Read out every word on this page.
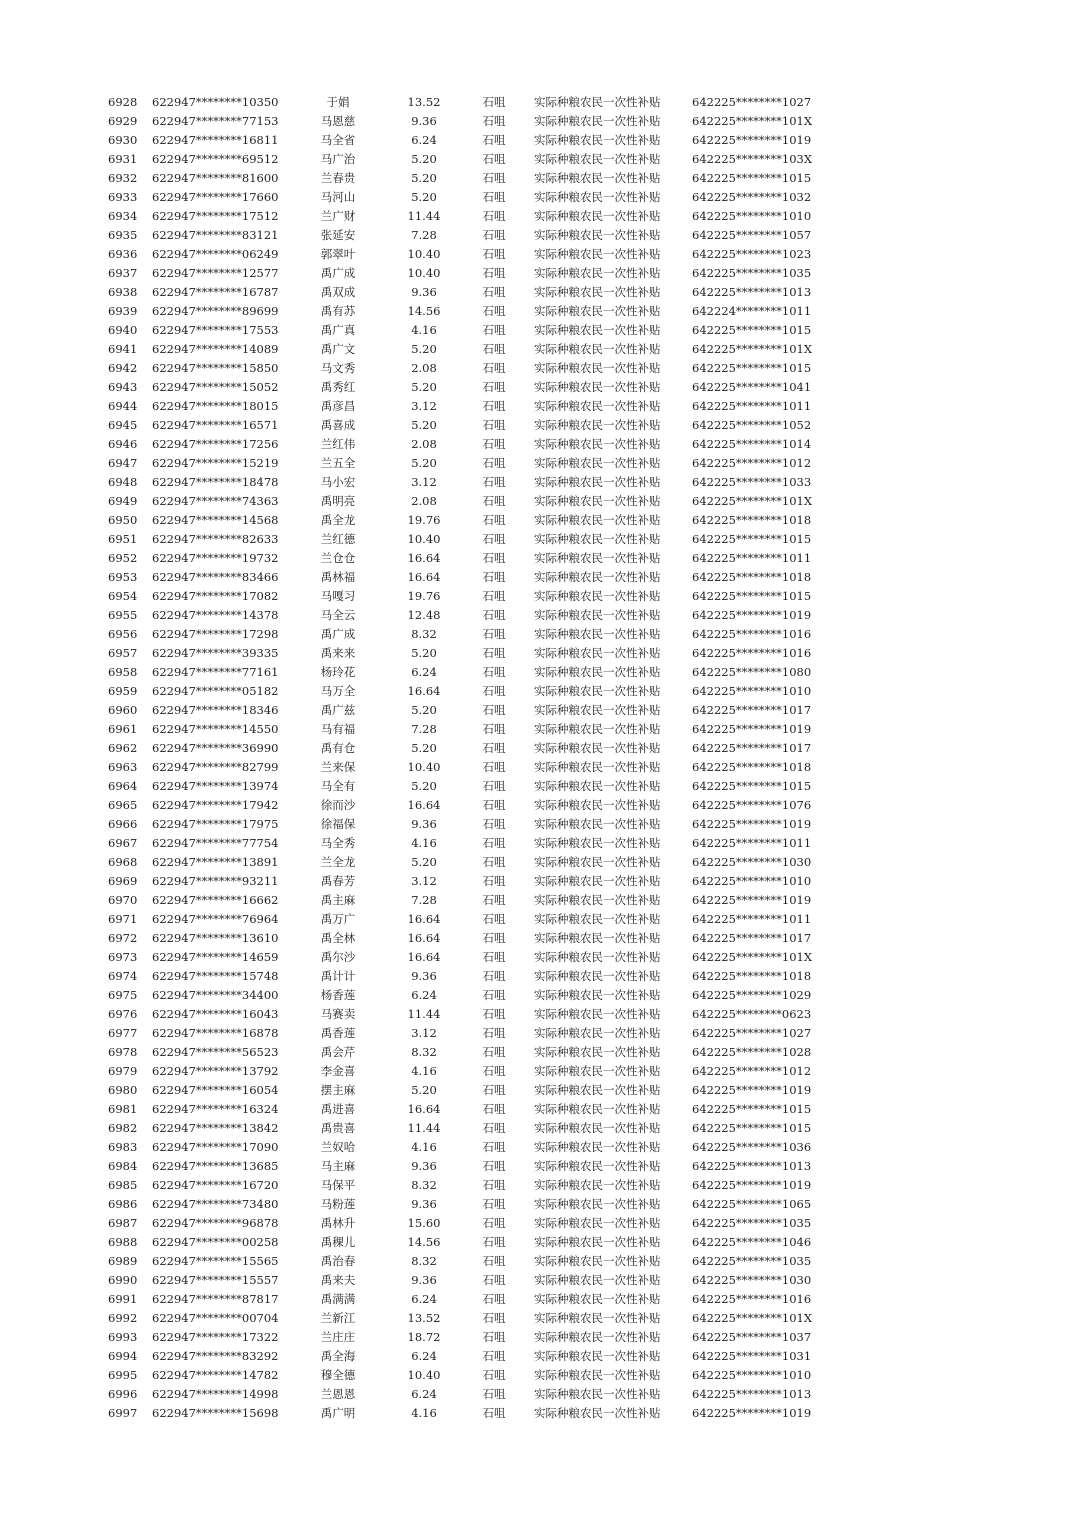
6928	622947********10350	于娟	13.52	石咀	实际种粮农民一次性补贴	642225********1027
6929	622947********77153	马恩慈	9.36	石咀	实际种粮农民一次性补贴	642225********101X
6930	622947********16811	马全省	6.24	石咀	实际种粮农民一次性补贴	642225********1019
6931	622947********69512	马广治	5.20	石咀	实际种粮农民一次性补贴	642225********103X
6932	622947********81600	兰春贵	5.20	石咀	实际种粮农民一次性补贴	642225********1015
6933	622947********17660	马河山	5.20	石咀	实际种粮农民一次性补贴	642225********1032
6934	622947********17512	兰广财	11.44	石咀	实际种粮农民一次性补贴	642225********1010
6935	622947********83121	张延安	7.28	石咀	实际种粮农民一次性补贴	642225********1057
6936	622947********06249	郭翠叶	10.40	石咀	实际种粮农民一次性补贴	642225********1023
6937	622947********12577	禹广成	10.40	石咀	实际种粮农民一次性补贴	642225********1035
6938	622947********16787	禹双成	9.36	石咀	实际种粮农民一次性补贴	642225********1013
6939	622947********89699	禹有苏	14.56	石咀	实际种粮农民一次性补贴	642224********1011
6940	622947********17553	禹广真	4.16	石咀	实际种粮农民一次性补贴	642225********1015
6941	622947********14089	禹广文	5.20	石咀	实际种粮农民一次性补贴	642225********101X
6942	622947********15850	马文秀	2.08	石咀	实际种粮农民一次性补贴	642225********1015
6943	622947********15052	禹秀红	5.20	石咀	实际种粮农民一次性补贴	642225********1041
6944	622947********18015	禹彦昌	3.12	石咀	实际种粮农民一次性补贴	642225********1011
6945	622947********16571	禹喜成	5.20	石咀	实际种粮农民一次性补贴	642225********1052
6946	622947********17256	兰红伟	2.08	石咀	实际种粮农民一次性补贴	642225********1014
6947	622947********15219	兰五全	5.20	石咀	实际种粮农民一次性补贴	642225********1012
6948	622947********18478	马小宏	3.12	石咀	实际种粮农民一次性补贴	642225********1033
6949	622947********74363	禹明亮	2.08	石咀	实际种粮农民一次性补贴	642225********101X
6950	622947********14568	禹全龙	19.76	石咀	实际种粮农民一次性补贴	642225********1018
6951	622947********82633	兰红德	10.40	石咀	实际种粮农民一次性补贴	642225********1015
6952	622947********19732	兰仓仓	16.64	石咀	实际种粮农民一次性补贴	642225********1011
6953	622947********83466	禹林福	16.64	石咀	实际种粮农民一次性补贴	642225********1018
6954	622947********17082	马嘎习	19.76	石咀	实际种粮农民一次性补贴	642225********1015
6955	622947********14378	马全云	12.48	石咀	实际种粮农民一次性补贴	642225********1019
6956	622947********17298	禹广成	8.32	石咀	实际种粮农民一次性补贴	642225********1016
6957	622947********39335	禹来来	5.20	石咀	实际种粮农民一次性补贴	642225********1016
6958	622947********77161	杨玲花	6.24	石咀	实际种粮农民一次性补贴	642225********1080
6959	622947********05182	马万全	16.64	石咀	实际种粮农民一次性补贴	642225********1010
6960	622947********18346	禹广兹	5.20	石咀	实际种粮农民一次性补贴	642225********1017
6961	622947********14550	马有福	7.28	石咀	实际种粮农民一次性补贴	642225********1019
6962	622947********36990	禹有仓	5.20	石咀	实际种粮农民一次性补贴	642225********1017
6963	622947********82799	兰来保	10.40	石咀	实际种粮农民一次性补贴	642225********1018
6964	622947********13974	马全有	5.20	石咀	实际种粮农民一次性补贴	642225********1015
6965	622947********17942	徐而沙	16.64	石咀	实际种粮农民一次性补贴	642225********1076
6966	622947********17975	徐福保	9.36	石咀	实际种粮农民一次性补贴	642225********1019
6967	622947********77754	马全秀	4.16	石咀	实际种粮农民一次性补贴	642225********1011
6968	622947********13891	兰全龙	5.20	石咀	实际种粮农民一次性补贴	642225********1030
6969	622947********93211	禹春芳	3.12	石咀	实际种粮农民一次性补贴	642225********1010
6970	622947********16662	禹主麻	7.28	石咀	实际种粮农民一次性补贴	642225********1019
6971	622947********76964	禹万广	16.64	石咀	实际种粮农民一次性补贴	642225********1011
6972	622947********13610	禹全林	16.64	石咀	实际种粮农民一次性补贴	642225********1017
6973	622947********14659	禹尔沙	16.64	石咀	实际种粮农民一次性补贴	642225********101X
6974	622947********15748	禹计计	9.36	石咀	实际种粮农民一次性补贴	642225********1018
6975	622947********34400	杨香莲	6.24	石咀	实际种粮农民一次性补贴	642225********1029
6976	622947********16043	马赛卖	11.44	石咀	实际种粮农民一次性补贴	642225********0623
6977	622947********16878	禹香莲	3.12	石咀	实际种粮农民一次性补贴	642225********1027
6978	622947********56523	禹会芹	8.32	石咀	实际种粮农民一次性补贴	642225********1028
6979	622947********13792	李金喜	4.16	石咀	实际种粮农民一次性补贴	642225********1012
6980	622947********16054	摆主麻	5.20	石咀	实际种粮农民一次性补贴	642225********1019
6981	622947********16324	禹进喜	16.64	石咀	实际种粮农民一次性补贴	642225********1015
6982	622947********13842	禹贵喜	11.44	石咀	实际种粮农民一次性补贴	642225********1015
6983	622947********17090	兰奴哈	4.16	石咀	实际种粮农民一次性补贴	642225********1036
6984	622947********13685	马主麻	9.36	石咀	实际种粮农民一次性补贴	642225********1013
6985	622947********16720	马保平	8.32	石咀	实际种粮农民一次性补贴	642225********1019
6986	622947********73480	马粉莲	9.36	石咀	实际种粮农民一次性补贴	642225********1065
6987	622947********96878	禹林升	15.60	石咀	实际种粮农民一次性补贴	642225********1035
6988	622947********00258	禹稞儿	14.56	石咀	实际种粮农民一次性补贴	642225********1046
6989	622947********15565	禹治春	8.32	石咀	实际种粮农民一次性补贴	642225********1035
6990	622947********15557	禹来夫	9.36	石咀	实际种粮农民一次性补贴	642225********1030
6991	622947********87817	禹满满	6.24	石咀	实际种粮农民一次性补贴	642225********1016
6992	622947********00704	兰新江	13.52	石咀	实际种粮农民一次性补贴	642225********101X
6993	622947********17322	兰庄庄	18.72	石咀	实际种粮农民一次性补贴	642225********1037
6994	622947********83292	禹全海	6.24	石咀	实际种粮农民一次性补贴	642225********1031
6995	622947********14782	穆全德	10.40	石咀	实际种粮农民一次性补贴	642225********1010
6996	622947********14998	兰恩恩	6.24	石咀	实际种粮农民一次性补贴	642225********1013
6997	622947********15698	禹广明	4.16	石咀	实际种粮农民一次性补贴	642225********1019
